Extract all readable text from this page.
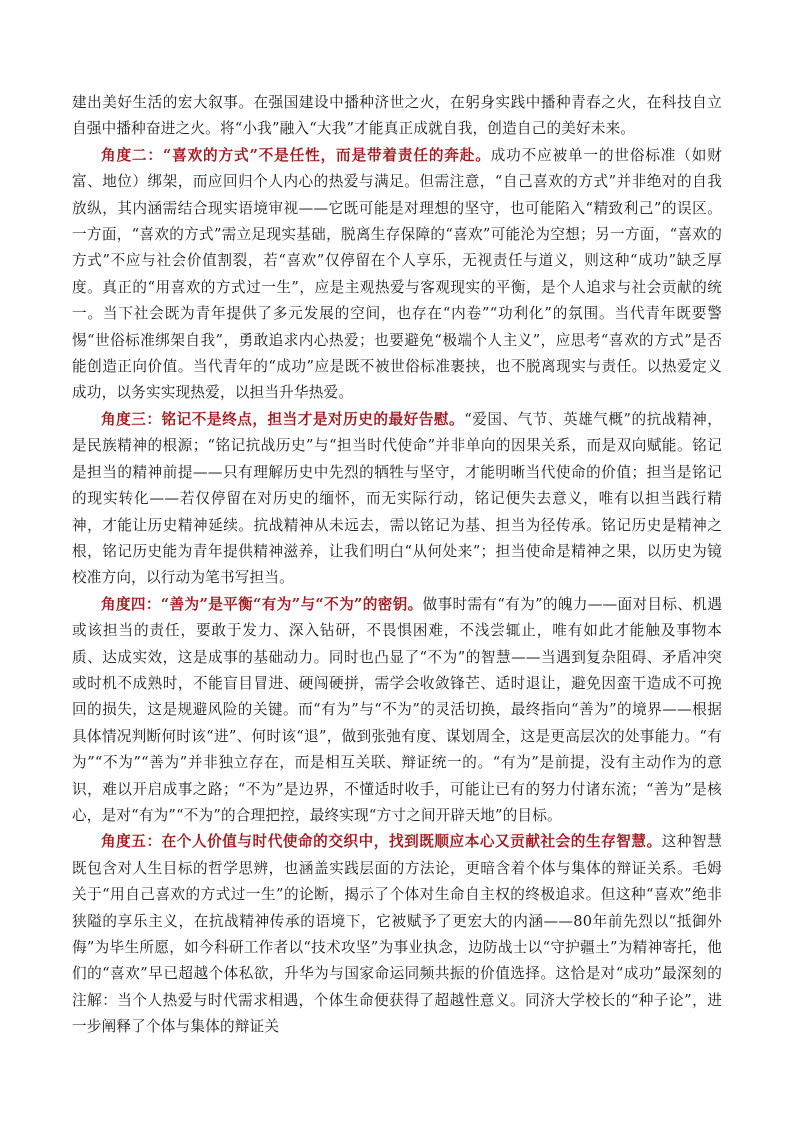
建出美好生活的宏大叙事。在强国建设中播种济世之火，在躬身实践中播种青春之火，在科技自立自强中播种奋进之火。将“小我”融入“大我”才能真正成就自我，创造自己的美好未来。

角度二：“喜欢的方式”不是任性，而是带着责任的奔赴。成功不应被单一的世俗标准（如财富、地位）绑架，而应回归个人内心的热爱与满足。但需注意，“自己喜欢的方式”并非绝对的自我放纵，其内涵需结合现实语境审视——它既可能是对理想的坚守，也可能陷入“精致利己”的误区。一方面，“喜欢的方式”需立足现实基础，脱离生存保障的“喜欢”可能沦为空想；另一方面，“喜欢的方式”不应与社会价值割裂，若“喜欢”仅停留在个人享乐，无视责任与道义，则这种“成功”缺乏厚度。真正的“用喜欢的方式过一生”，应是主观热爱与客观现实的平衡，是个人追求与社会贡献的统一。当下社会既为青年提供了多元发展的空间，也存在“内卷”“功利化”的氛围。当代青年既要警惕“世俗标准绑架自我”，勇敢追求内心热爱；也要避免“极端个人主义”，应思考“喜欢的方式”是否能创造正向价值。当代青年的“成功”应是既不被世俗标准裹挟，也不脱离现实与责任。以热爱定义成功，以务实实现热爱，以担当升华热爱。

角度三：铭记不是终点，担当才是对历史的最好告慰。“爱国、气节、英雄气概”的抗战精神，是民族精神的根源；“铭记抗战历史”与“担当时代使命”并非单向的因果关系，而是双向赋能。铭记是担当的精神前提——只有理解历史中先烈的牺牲与坚守，才能明晰当代使命的价值；担当是铭记的现实转化——若仅停留在对历史的缅怀，而无实际行动，铭记便失去意义，唯有以担当践行精神，才能让历史精神延续。抗战精神从未远去，需以铭记为基、担当为径传承。铭记历史是精神之根，铭记历史能为青年提供精神滋养，让我们明白“从何处来”；担当使命是精神之果，以历史为镜校准方向，以行动为笔书写担当。

角度四：“善为”是平衡“有为”与“不为”的密钥。做事时需有“有为”的魄力——面对目标、机遇或该担当的责任，要敢于发力、深入钻研，不畏惧困难，不浅尝辄止，唯有如此才能触及事物本质、达成实效，这是成事的基础动力。同时也凸显了“不为”的智慧——当遇到复杂阻碍、矛盾冲突或时机不成熟时，不能盲目冒进、硬闯硬拼，需学会收敛锋芒、适时退让，避免因蛮干造成不可挽回的损失，这是规避风险的关键。而“有为”与“不为”的灵活切换，最终指向“善为”的境界——根据具体情况判断何时该“进”、何时该“退”，做到张弛有度、谋划周全，这是更高层次的处事能力。“有为”“不为”“善为”并非独立存在，而是相互关联、辩证统一的。“有为”是前提，没有主动作为的意识，难以开启成事之路；“不为”是边界，不懂适时收手，可能让已有的努力付诸东流；“善为”是核心，是对“有为”“不为”的合理把控，最终实现“方寸之间开辟天地”的目标。

角度五：在个人价值与时代使命的交织中，找到既顺应本心又贡献社会的生存智慧。这种智慧既包含对人生目标的哲学思辨，也涵盖实践层面的方法论，更暗含着个体与集体的辩证关系。毛姆关于“用自己喜欢的方式过一生”的论断，揭示了个体对生命自主权的终极追求。但这种“喜欢”绝非狭隘的享乐主义，在抗战精神传承的语境下，它被赋予了更宏大的内涵——80年前先烈以“抵御外侮”为毕生所愿，如今科研工作者以“技术攻坚”为事业执念，边防战士以“守护疆土”为精神寄托，他们的“喜欢”早已超越个体私欲，升华为与国家命运同频共振的价值选择。这恰是对“成功”最深刻的注解：当个人热爱与时代需求相遇，个体生命便获得了超越性意义。同济大学校长的“种子论”，进一步阐释了个体与集体的辩证关
